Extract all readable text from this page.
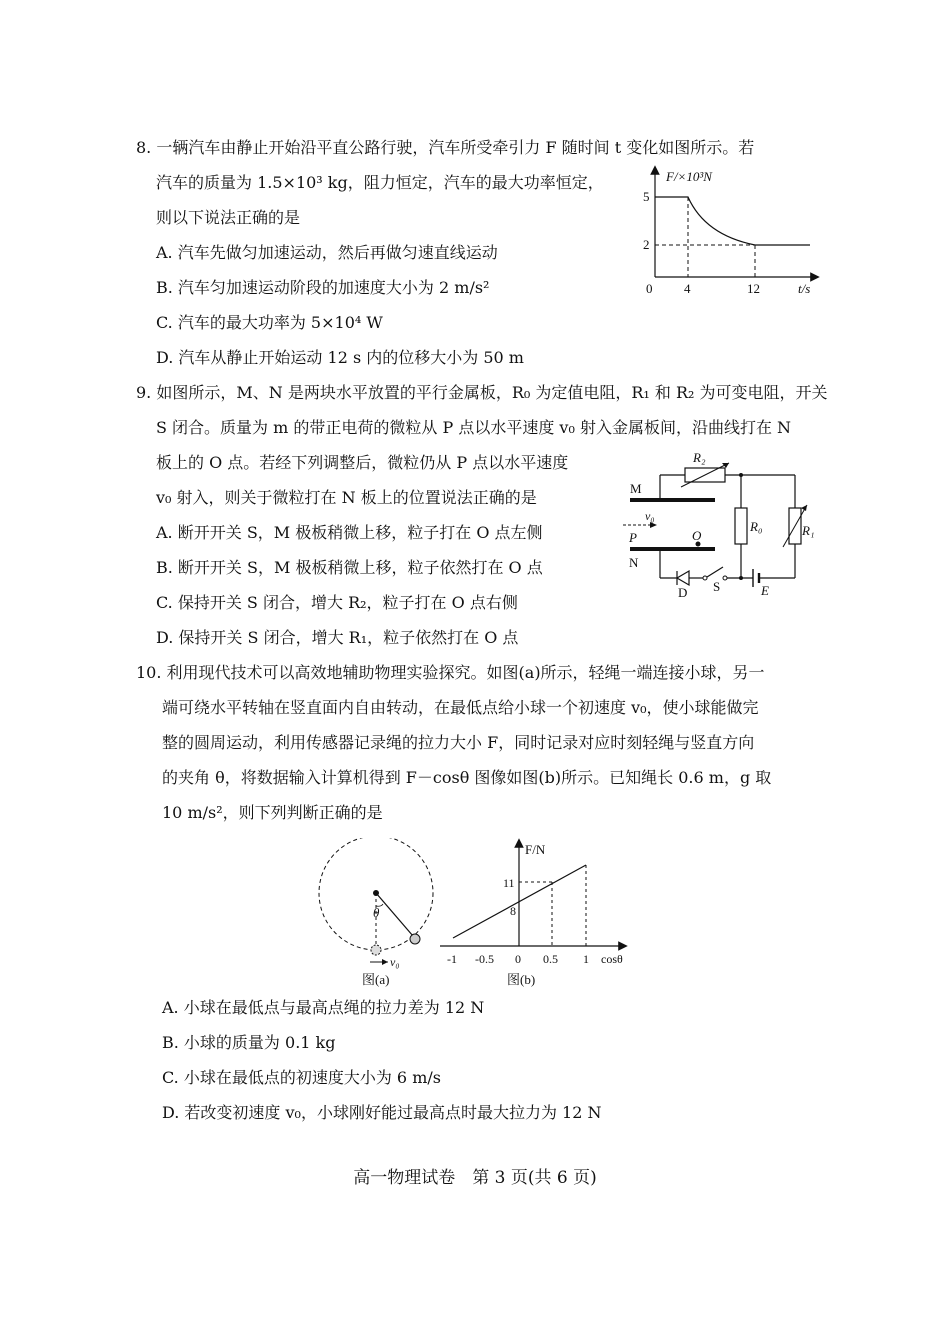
8. 一辆汽车由静止开始沿平直公路行驶，汽车所受牵引力 F 随时间 t 变化如图所示。若
汽车的质量为 1.5×10³ kg，阻力恒定，汽车的最大功率恒定，
则以下说法正确的是
A. 汽车先做匀加速运动，然后再做匀速直线运动
B. 汽车匀加速运动阶段的加速度大小为 2 m/s²
C. 汽车的最大功率为 5×10⁴ W
D. 汽车从静止开始运动 12 s 内的位移大小为 50 m
F/×10³N
5
2
0 4	12	t/s
9. 如图所示，M、N 是两块水平放置的平行金属板，R₀ 为定值电阻，R₁ 和 R₂ 为可变电阻，开关
S 闭合。质量为 m 的带正电荷的微粒从 P 点以水平速度 v₀ 射入金属板间，沿曲线打在 N
板上的 O 点。若经下列调整后，微粒仍从 P 点以水平速度
v₀ 射入，则关于微粒打在 N 板上的位置说法正确的是
A. 断开开关 S，M 极板稍微上移，粒子打在 O 点左侧
B. 断开开关 S，M 极板稍微上移，粒子依然打在 O 点
C. 保持开关 S 闭合，增大 R₂，粒子打在 O 点右侧
D. 保持开关 S 闭合，增大 R₁，粒子依然打在 O 点
R₂
M
v₀
P	O
N
R₀	R₁
D S	E
10. 利用现代技术可以高效地辅助物理实验探究。如图(a)所示，轻绳一端连接小球，另一
端可绕水平转轴在竖直面内自由转动，在最低点给小球一个初速度 v₀，使小球能做完
整的圆周运动，利用传感器记录绳的拉力大小 F，同时记录对应时刻轻绳与竖直方向
的夹角 θ，将数据输入计算机得到 F－cosθ 图像如图(b)所示。已知绳长 0.6 m，g 取
10 m/s²，则下列判断正确的是
θ
v₀
图(a)
F/N
11
8
-1 -0.5 0 0.5 1 cosθ
图(b)
A. 小球在最低点与最高点绳的拉力差为 12 N
B. 小球的质量为 0.1 kg
C. 小球在最低点的初速度大小为 6 m/s
D. 若改变初速度 v₀，小球刚好能过最高点时最大拉力为 12 N
高一物理试卷　第 3 页(共 6 页)
